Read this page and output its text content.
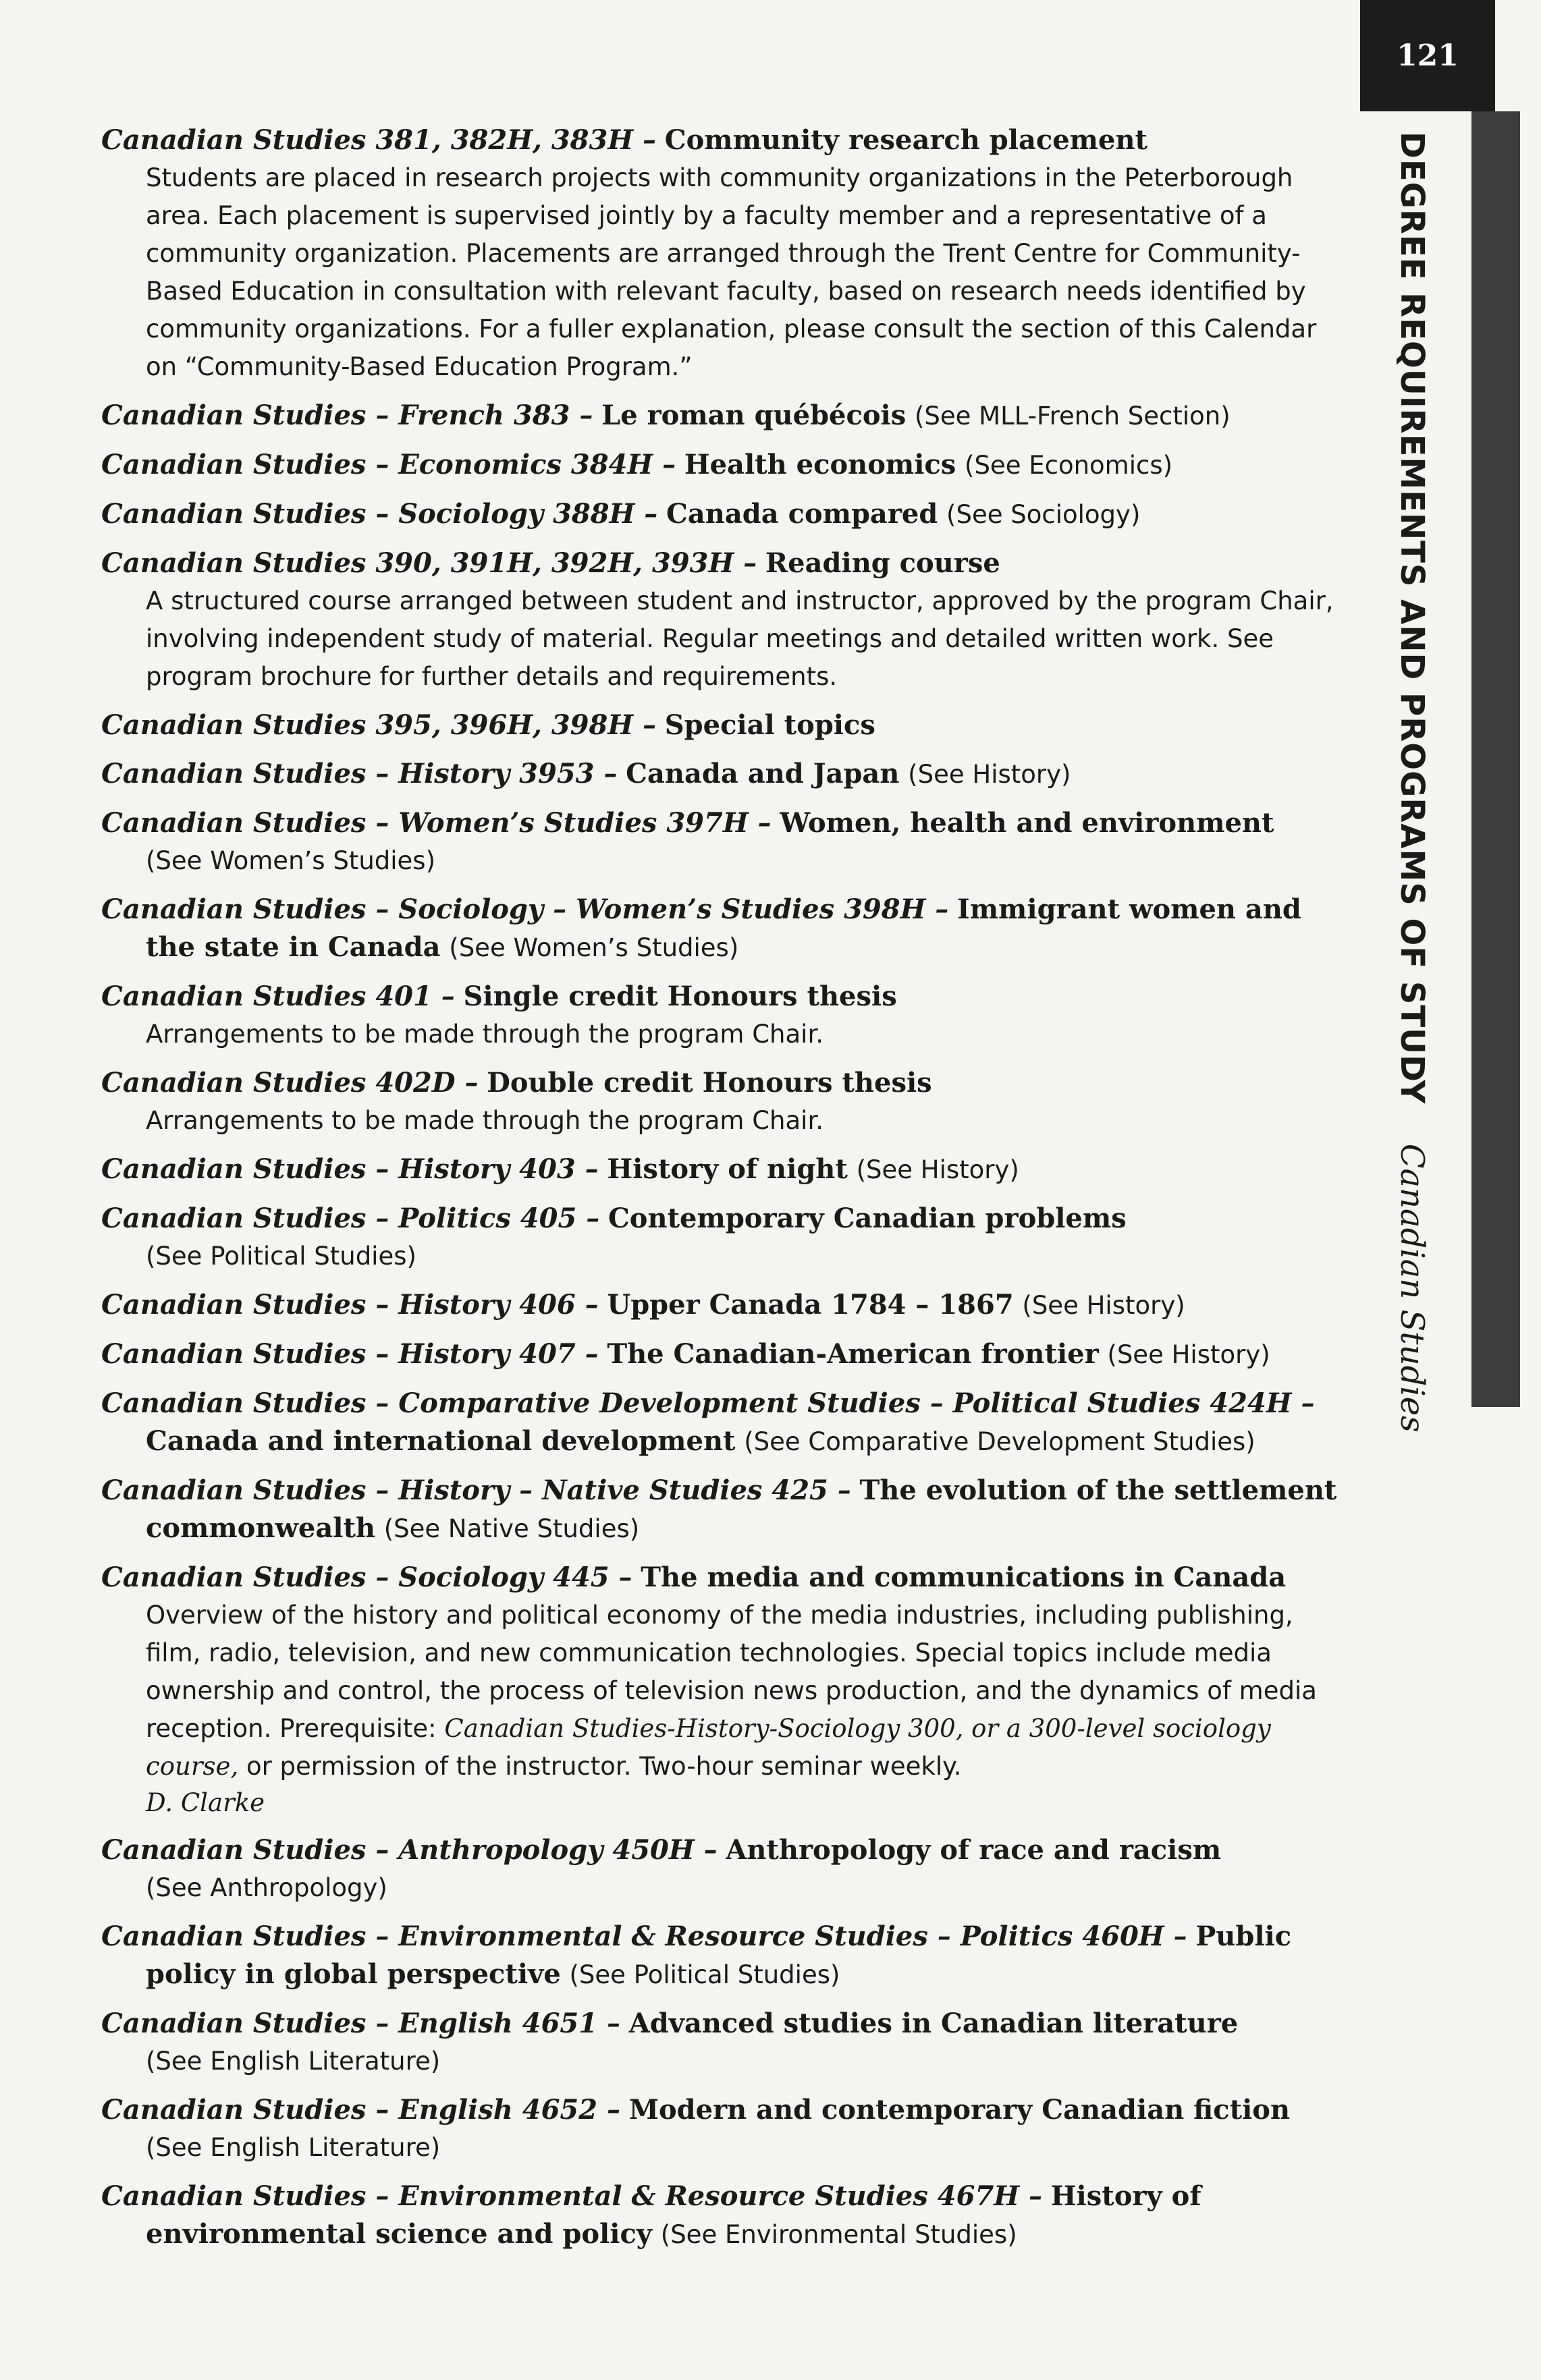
121
DEGREE REQUIREMENTS AND PROGRAMS OF STUDY  Canadian Studies
Canadian Studies 381, 382H, 383H – Community research placement

Students are placed in research projects with community organizations in the Peterborough area. Each placement is supervised jointly by a faculty member and a representative of a community organization. Placements are arranged through the Trent Centre for Community-Based Education in consultation with relevant faculty, based on research needs identified by community organizations. For a fuller explanation, please consult the section of this Calendar on “Community-Based Education Program.”

Canadian Studies – French 383 – Le roman québécois (See MLL-French Section)
Canadian Studies – Economics 384H – Health economics (See Economics)
Canadian Studies – Sociology 388H – Canada compared (See Sociology)
Canadian Studies 390, 391H, 392H, 393H – Reading course

A structured course arranged between student and instructor, approved by the program Chair, involving independent study of material. Regular meetings and detailed written work. See program brochure for further details and requirements.

Canadian Studies 395, 396H, 398H – Special topics
Canadian Studies – History 3953 – Canada and Japan (See History)
Canadian Studies – Women’s Studies 397H – Women, health and environment

(See Women’s Studies)

Canadian Studies – Sociology – Women’s Studies 398H – Immigrant women and the state in Canada (See Women’s Studies)
Canadian Studies 401 – Single credit Honours thesis

Arrangements to be made through the program Chair.

Canadian Studies 402D – Double credit Honours thesis

Arrangements to be made through the program Chair.

Canadian Studies – History 403 – History of night (See History)
Canadian Studies – Politics 405 – Contemporary Canadian problems

(See Political Studies)

Canadian Studies – History 406 – Upper Canada 1784 – 1867 (See History)
Canadian Studies – History 407 – The Canadian-American frontier (See History)
Canadian Studies – Comparative Development Studies – Political Studies 424H – Canada and international development (See Comparative Development Studies)
Canadian Studies – History – Native Studies 425 – The evolution of the settlement commonwealth (See Native Studies)
Canadian Studies – Sociology 445 – The media and communications in Canada

Overview of the history and political economy of the media industries, including publishing, film, radio, television, and new communication technologies. Special topics include media ownership and control, the process of television news production, and the dynamics of media reception. Prerequisite: Canadian Studies-History-Sociology 300, or a 300-level sociology course, or permission of the instructor. Two-hour seminar weekly.

D. Clarke
Canadian Studies – Anthropology 450H – Anthropology of race and racism

(See Anthropology)

Canadian Studies – Environmental & Resource Studies – Politics 460H – Public policy in global perspective (See Political Studies)
Canadian Studies – English 4651 – Advanced studies in Canadian literature

(See English Literature)

Canadian Studies – English 4652 – Modern and contemporary Canadian fiction

(See English Literature)

Canadian Studies – Environmental & Resource Studies 467H – History of environmental science and policy (See Environmental Studies)
